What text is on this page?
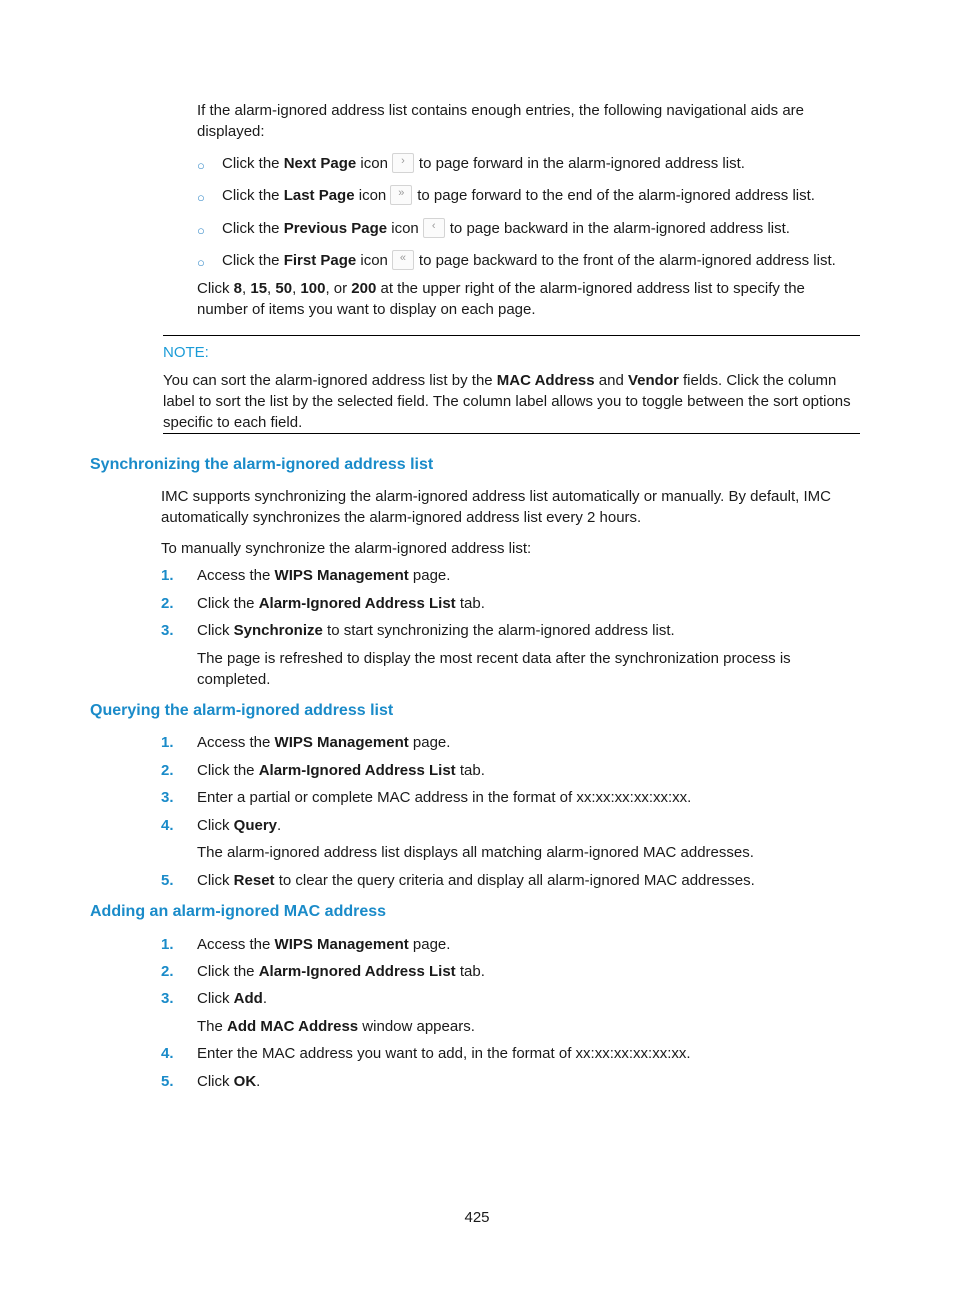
If the alarm-ignored address list contains enough entries, the following navigational aids are displayed:

○ Click the Next Page icon › to page forward in the alarm-ignored address list.
○ Click the Last Page icon » to page forward to the end of the alarm-ignored address list.
○ Click the Previous Page icon ‹ to page backward in the alarm-ignored address list.
○ Click the First Page icon « to page backward to the front of the alarm-ignored address list.
Click 8, 15, 50, 100, or 200 at the upper right of the alarm-ignored address list to specify the number of items you want to display on each page.
NOTE:
You can sort the alarm-ignored address list by the MAC Address and Vendor fields. Click the column label to sort the list by the selected field. The column label allows you to toggle between the sort options specific to each field.
Synchronizing the alarm-ignored address list
IMC supports synchronizing the alarm-ignored address list automatically or manually. By default, IMC automatically synchronizes the alarm-ignored address list every 2 hours.
To manually synchronize the alarm-ignored address list:
1. Access the WIPS Management page.
2. Click the Alarm-Ignored Address List tab.
3. Click Synchronize to start synchronizing the alarm-ignored address list.
The page is refreshed to display the most recent data after the synchronization process is completed.
Querying the alarm-ignored address list
1. Access the WIPS Management page.
2. Click the Alarm-Ignored Address List tab.
3. Enter a partial or complete MAC address in the format of xx:xx:xx:xx:xx:xx.
4. Click Query.
The alarm-ignored address list displays all matching alarm-ignored MAC addresses.
5. Click Reset to clear the query criteria and display all alarm-ignored MAC addresses.
Adding an alarm-ignored MAC address
1. Access the WIPS Management page.
2. Click the Alarm-Ignored Address List tab.
3. Click Add.
The Add MAC Address window appears.
4. Enter the MAC address you want to add, in the format of xx:xx:xx:xx:xx:xx.
5. Click OK.
425
